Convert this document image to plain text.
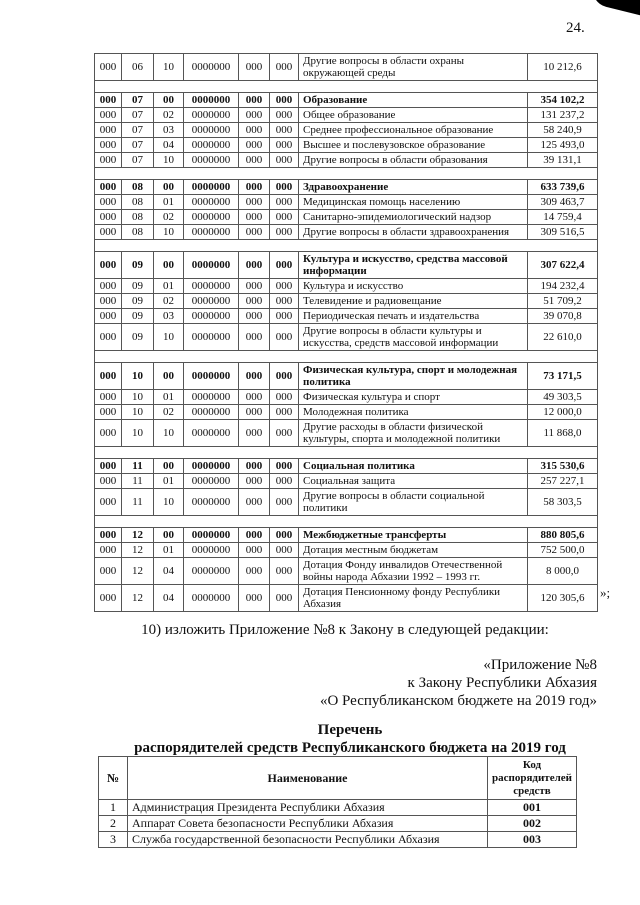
24.
000	06	10	0000000	000	000	Другие вопросы в области охраны окружающей среды	10 212,6

000	07	00	0000000	000	000	Образование	354 102,2
000	07	02	0000000	000	000	Общее образование	131 237,2
000	07	03	0000000	000	000	Среднее профессиональное образование	58 240,9
000	07	04	0000000	000	000	Высшее и послевузовское образование	125 493,0
000	07	10	0000000	000	000	Другие вопросы в области образования	39 131,1

000	08	00	0000000	000	000	Здравоохранение	633 739,6
000	08	01	0000000	000	000	Медицинская помощь населению	309 463,7
000	08	02	0000000	000	000	Санитарно-эпидемиологический надзор	14 759,4
000	08	10	0000000	000	000	Другие вопросы в области здравоохранения	309 516,5

000	09	00	0000000	000	000	Культура и искусство, средства массовой информации	307 622,4
000	09	01	0000000	000	000	Культура и искусство	194 232,4
000	09	02	0000000	000	000	Телевидение и радиовещание	51 709,2
000	09	03	0000000	000	000	Периодическая печать и издательства	39 070,8
000	09	10	0000000	000	000	Другие вопросы в области культуры и искусства, средств массовой информации	22 610,0

000	10	00	0000000	000	000	Физическая культура, спорт и молодежная политика	73 171,5
000	10	01	0000000	000	000	Физическая культура и спорт	49 303,5
000	10	02	0000000	000	000	Молодежная политика	12 000,0
000	10	10	0000000	000	000	Другие расходы в области физической культуры, спорта и молодежной политики	11 868,0

000	11	00	0000000	000	000	Социальная политика	315 530,6
000	11	01	0000000	000	000	Социальная защита	257 227,1
000	11	10	0000000	000	000	Другие вопросы в области социальной политики	58 303,5

000	12	00	0000000	000	000	Межбюджетные трансферты	880 805,6
000	12	01	0000000	000	000	Дотация местным бюджетам	752 500,0
000	12	04	0000000	000	000	Дотация Фонду инвалидов Отечественной войны народа Абхазии 1992 – 1993 гг.	8 000,0
000	12	04	0000000	000	000	Дотация Пенсионному фонду Республики Абхазия	120 305,6 »;
10) изложить Приложение №8 к Закону в следующей редакции:
«Приложение №8
к Закону Республики Абхазия
«О Республиканском бюджете на 2019 год»
Перечень
распорядителей средств Республиканского бюджета на 2019 год
№	Наименование	Код распорядителей средств
1	Администрация Президента Республики Абхазия	001
2	Аппарат Совета безопасности Республики Абхазия	002
3	Служба государственной безопасности Республики Абхазия	003
